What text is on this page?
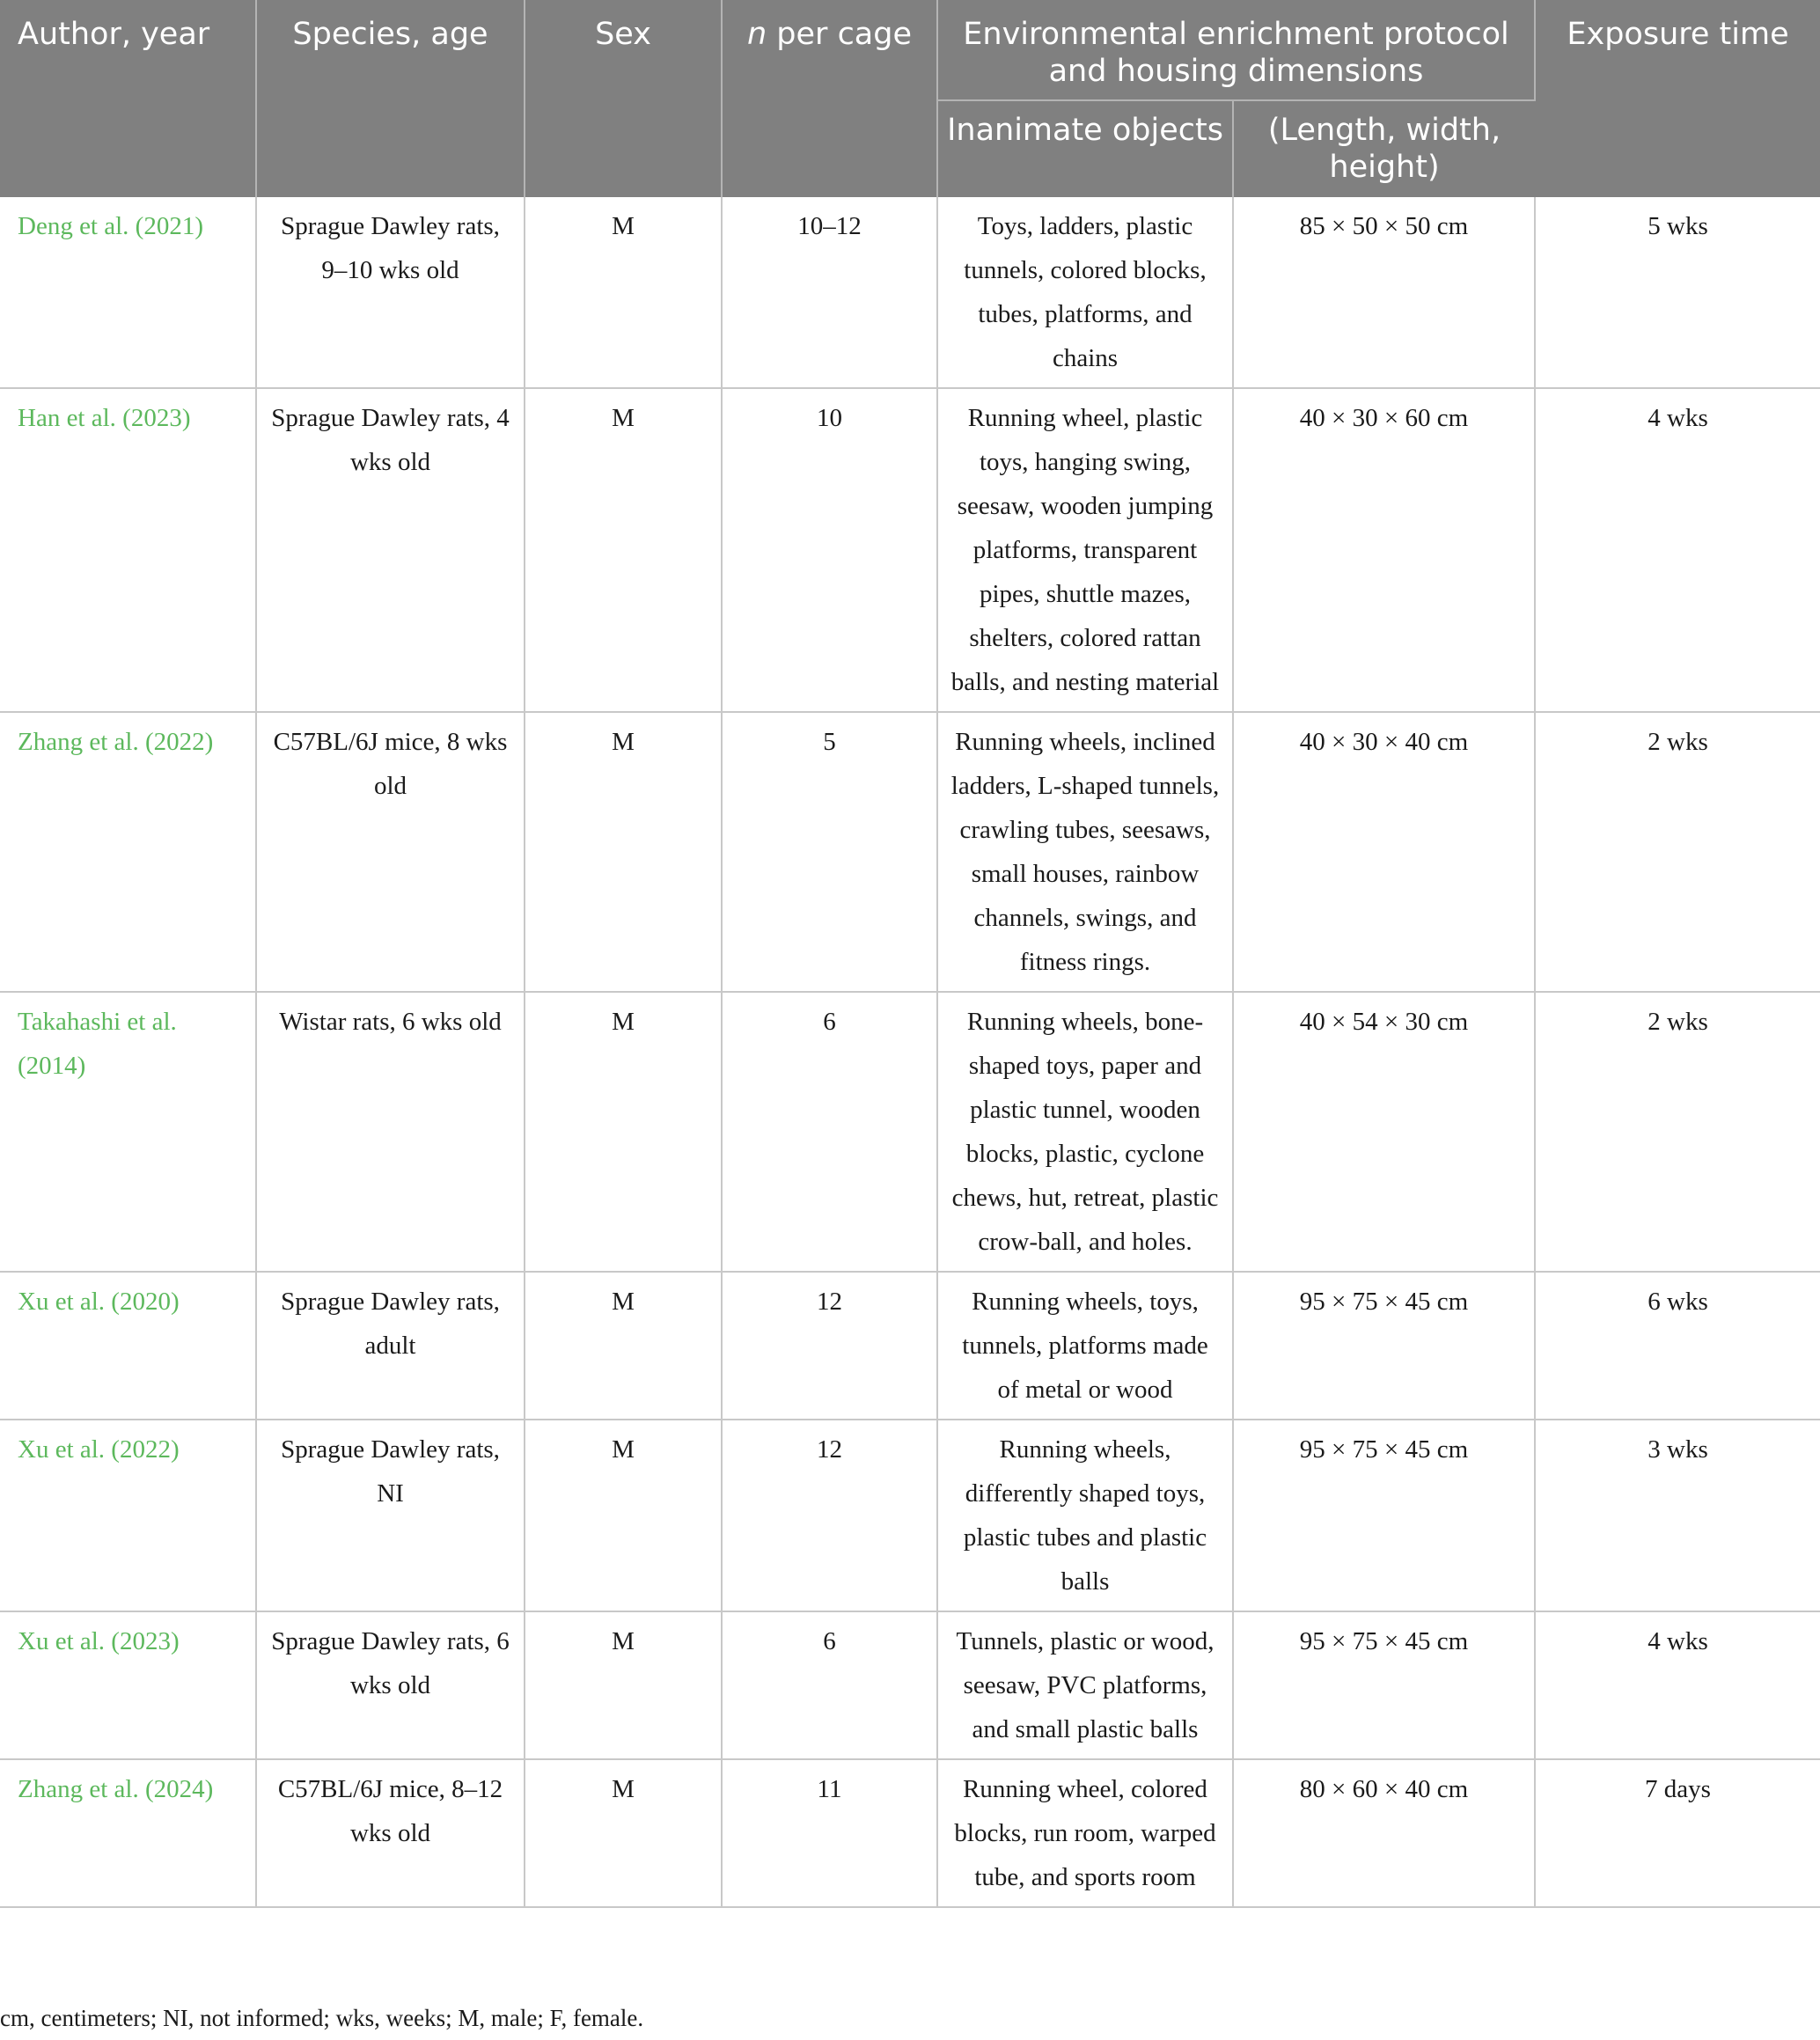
Author, year	Species, age	Sex	n per cage	Environmental enrichment protocol and housing dimensions		Exposure time
				Inanimate objects	(Length, width, height)	
Deng et al. (2021)	Sprague Dawley rats, 9–10 wks old	M	10–12	Toys, ladders, plastic tunnels, colored blocks, tubes, platforms, and chains	85 × 50 × 50 cm	5 wks
Han et al. (2023)	Sprague Dawley rats, 4 wks old	M	10	Running wheel, plastic toys, hanging swing, seesaw, wooden jumping platforms, transparent pipes, shuttle mazes, shelters, colored rattan balls, and nesting material	40 × 30 × 60 cm	4 wks
Zhang et al. (2022)	C57BL/6J mice, 8 wks old	M	5	Running wheels, inclined ladders, L-shaped tunnels, crawling tubes, seesaws, small houses, rainbow channels, swings, and fitness rings.	40 × 30 × 40 cm	2 wks
Takahashi et al. (2014)	Wistar rats, 6 wks old	M	6	Running wheels, bone-shaped toys, paper and plastic tunnel, wooden blocks, plastic, cyclone chews, hut, retreat, plastic crow-ball, and holes.	40 × 54 × 30 cm	2 wks
Xu et al. (2020)	Sprague Dawley rats, adult	M	12	Running wheels, toys, tunnels, platforms made of metal or wood	95 × 75 × 45 cm	6 wks
Xu et al. (2022)	Sprague Dawley rats, NI	M	12	Running wheels, differently shaped toys, plastic tubes and plastic balls	95 × 75 × 45 cm	3 wks
Xu et al. (2023)	Sprague Dawley rats, 6 wks old	M	6	Tunnels, plastic or wood, seesaw, PVC platforms, and small plastic balls	95 × 75 × 45 cm	4 wks
Zhang et al. (2024)	C57BL/6J mice, 8–12 wks old	M	11	Running wheel, colored blocks, run room, warped tube, and sports room	80 × 60 × 40 cm	7 days
cm, centimeters; NI, not informed; wks, weeks; M, male; F, female.
